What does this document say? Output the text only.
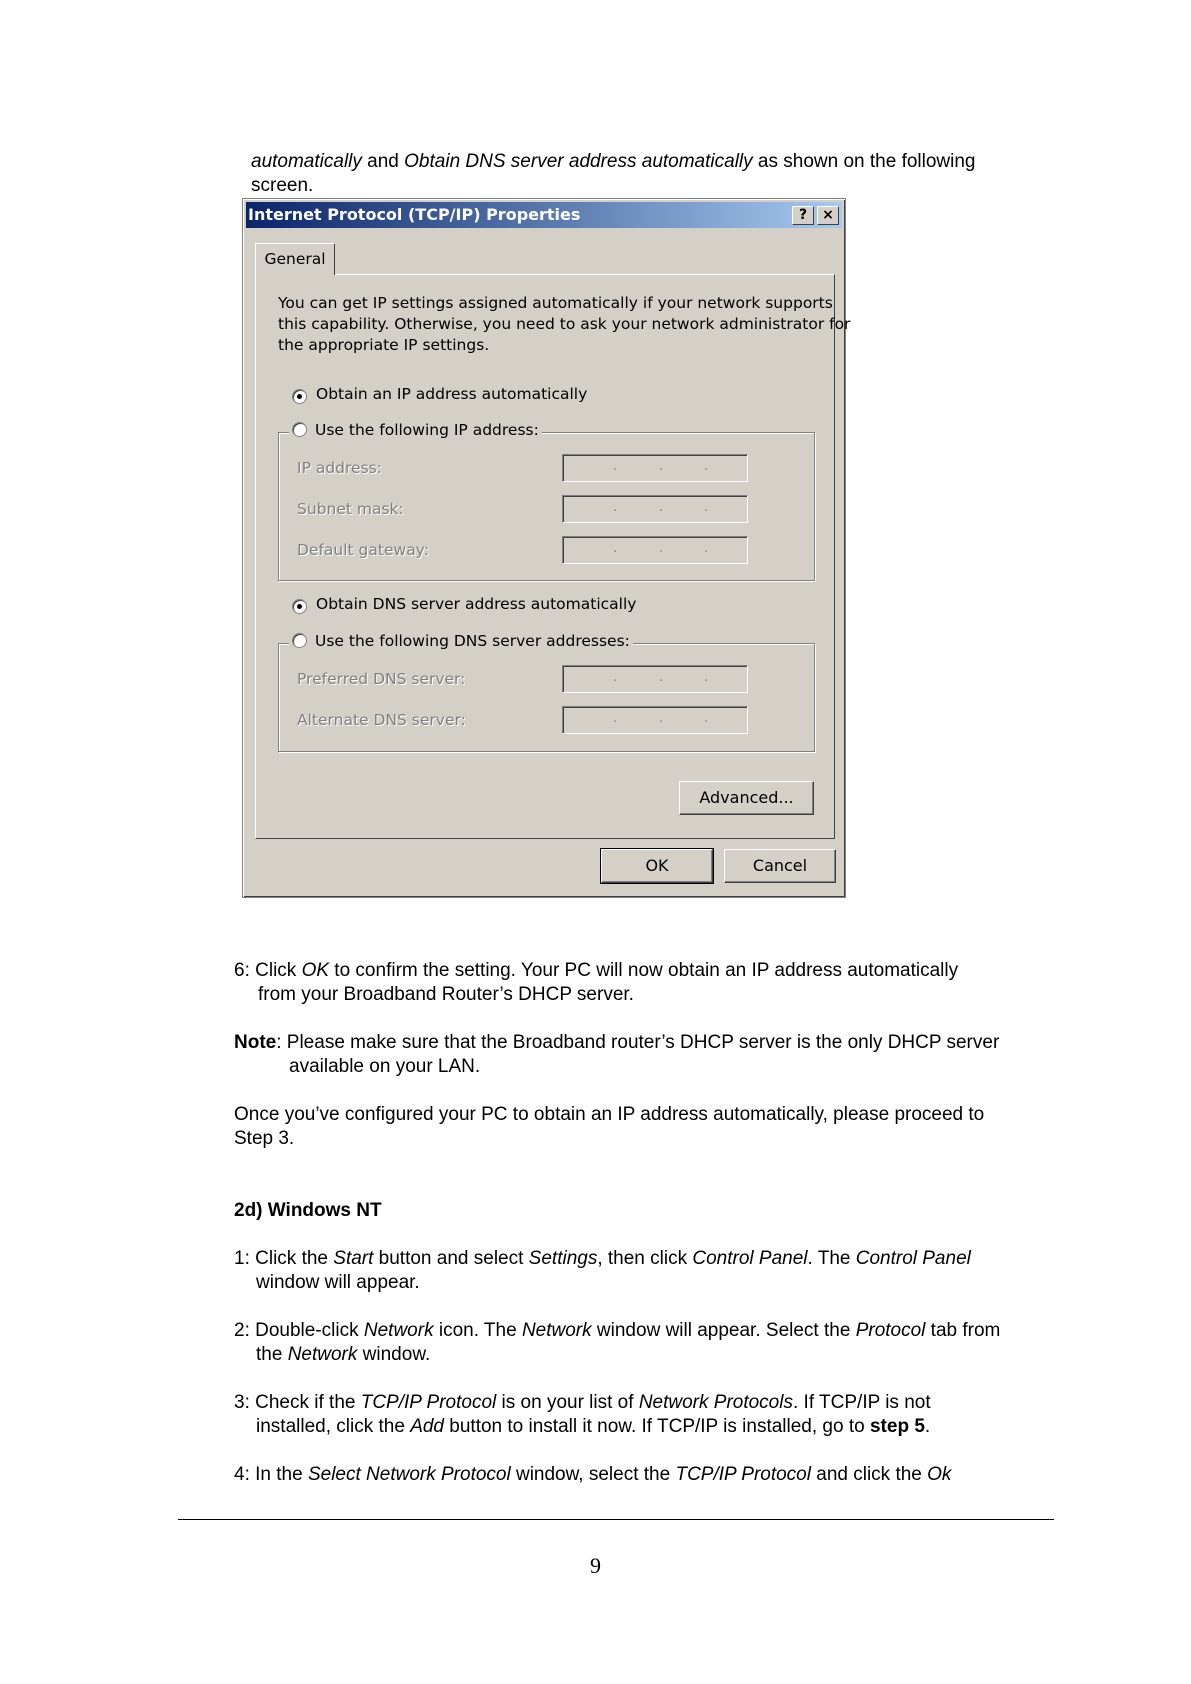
automatically and Obtain DNS server address automatically as shown on the following
screen.
Internet Protocol (TCP/IP) Properties	?	×
General
You can get IP settings assigned automatically if your network supports
this capability. Otherwise, you need to ask your network administrator for
the appropriate IP settings.
Obtain an IP address automatically
Use the following IP address:
IP address:	.	.	.
Subnet mask:	.	.	.
Default gateway:	.	.	.
Obtain DNS server address automatically
Use the following DNS server addresses:
Preferred DNS server:	.	.	.
Alternate DNS server:	.	.	.
Advanced...
OK	Cancel
6: Click OK to confirm the setting. Your PC will now obtain an IP address automatically
from your Broadband Router’s DHCP server.
Note: Please make sure that the Broadband router’s DHCP server is the only DHCP server
available on your LAN.
Once you’ve configured your PC to obtain an IP address automatically, please proceed to
Step 3.
2d) Windows NT
1: Click the Start button and select Settings, then click Control Panel. The Control Panel
window will appear.
2: Double-click Network icon. The Network window will appear. Select the Protocol tab from
the Network window.
3: Check if the TCP/IP Protocol is on your list of Network Protocols. If TCP/IP is not
installed, click the Add button to install it now. If TCP/IP is installed, go to step 5.
4: In the Select Network Protocol window, select the TCP/IP Protocol and click the Ok
9
